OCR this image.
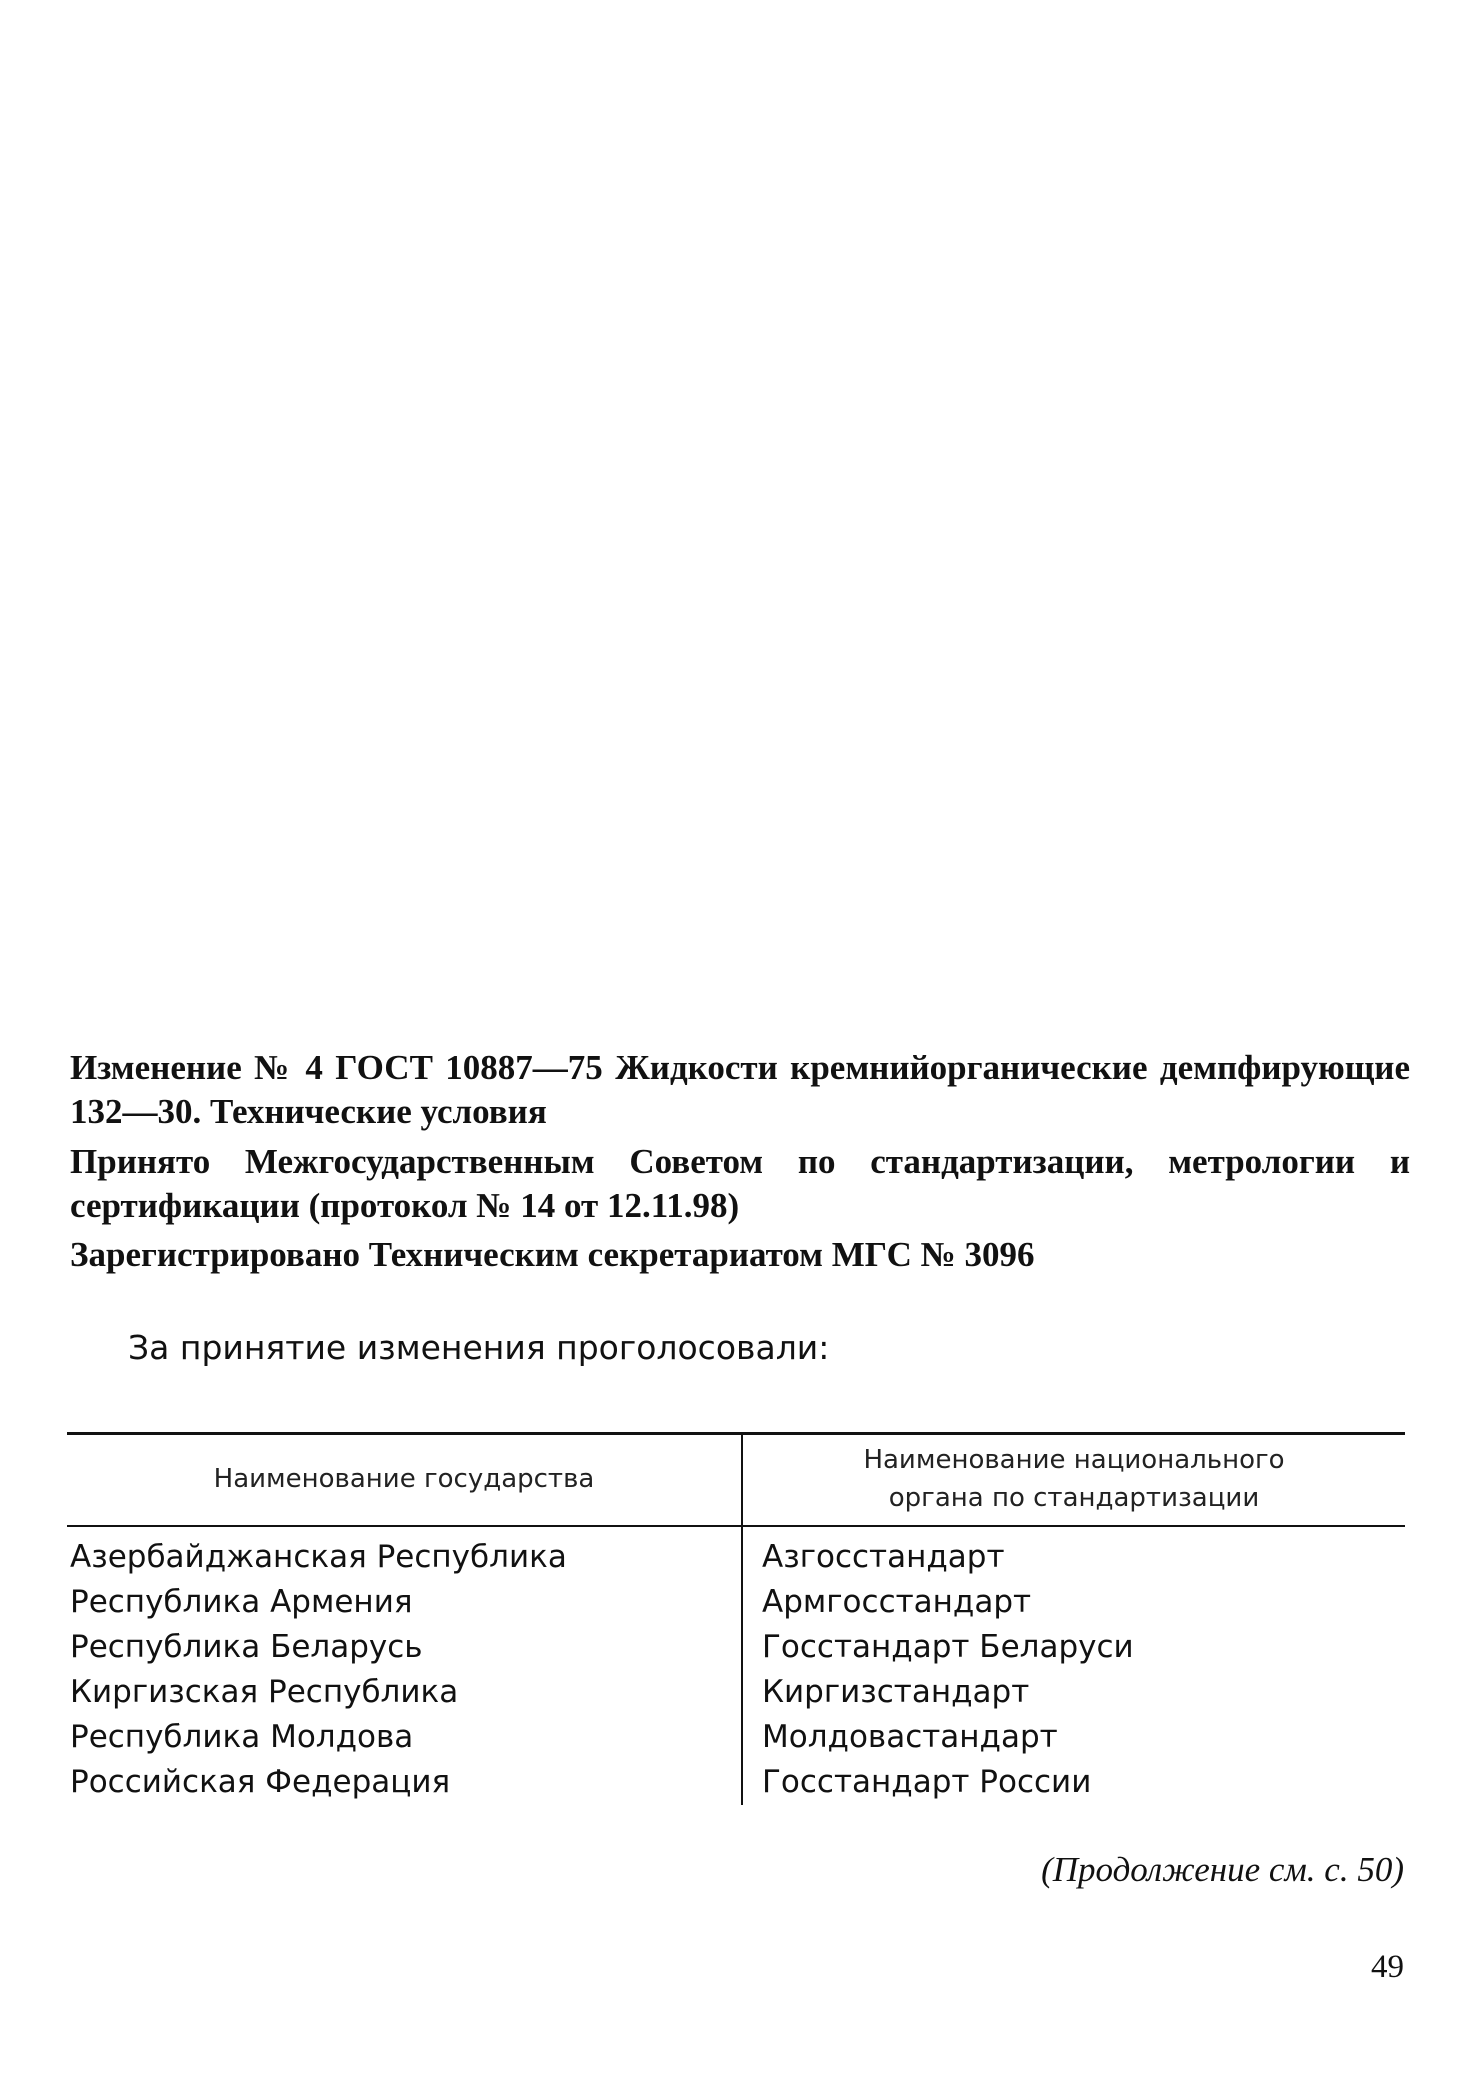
Изменение № 4 ГОСТ 10887—75 Жидкости кремнийорганические демпфирующие 132—30. Технические условия

Принято Межгосударственным Советом по стандартизации, метрологии и сертификации (протокол № 14 от 12.11.98)

Зарегистрировано Техническим секретариатом МГС № 3096

За принятие изменения проголосовали:

Наименование государства	Наименование национального
органа по стандартизации
Азербайджанская Республика	Азгосстандарт
Республика Армения	Армгосстандарт
Республика Беларусь	Госстандарт Беларуси
Киргизская Республика	Киргизстандарт
Республика Молдова	Молдовастандарт
Российская Федерация	Госстандарт России

(Продолжение см. с. 50)

49
